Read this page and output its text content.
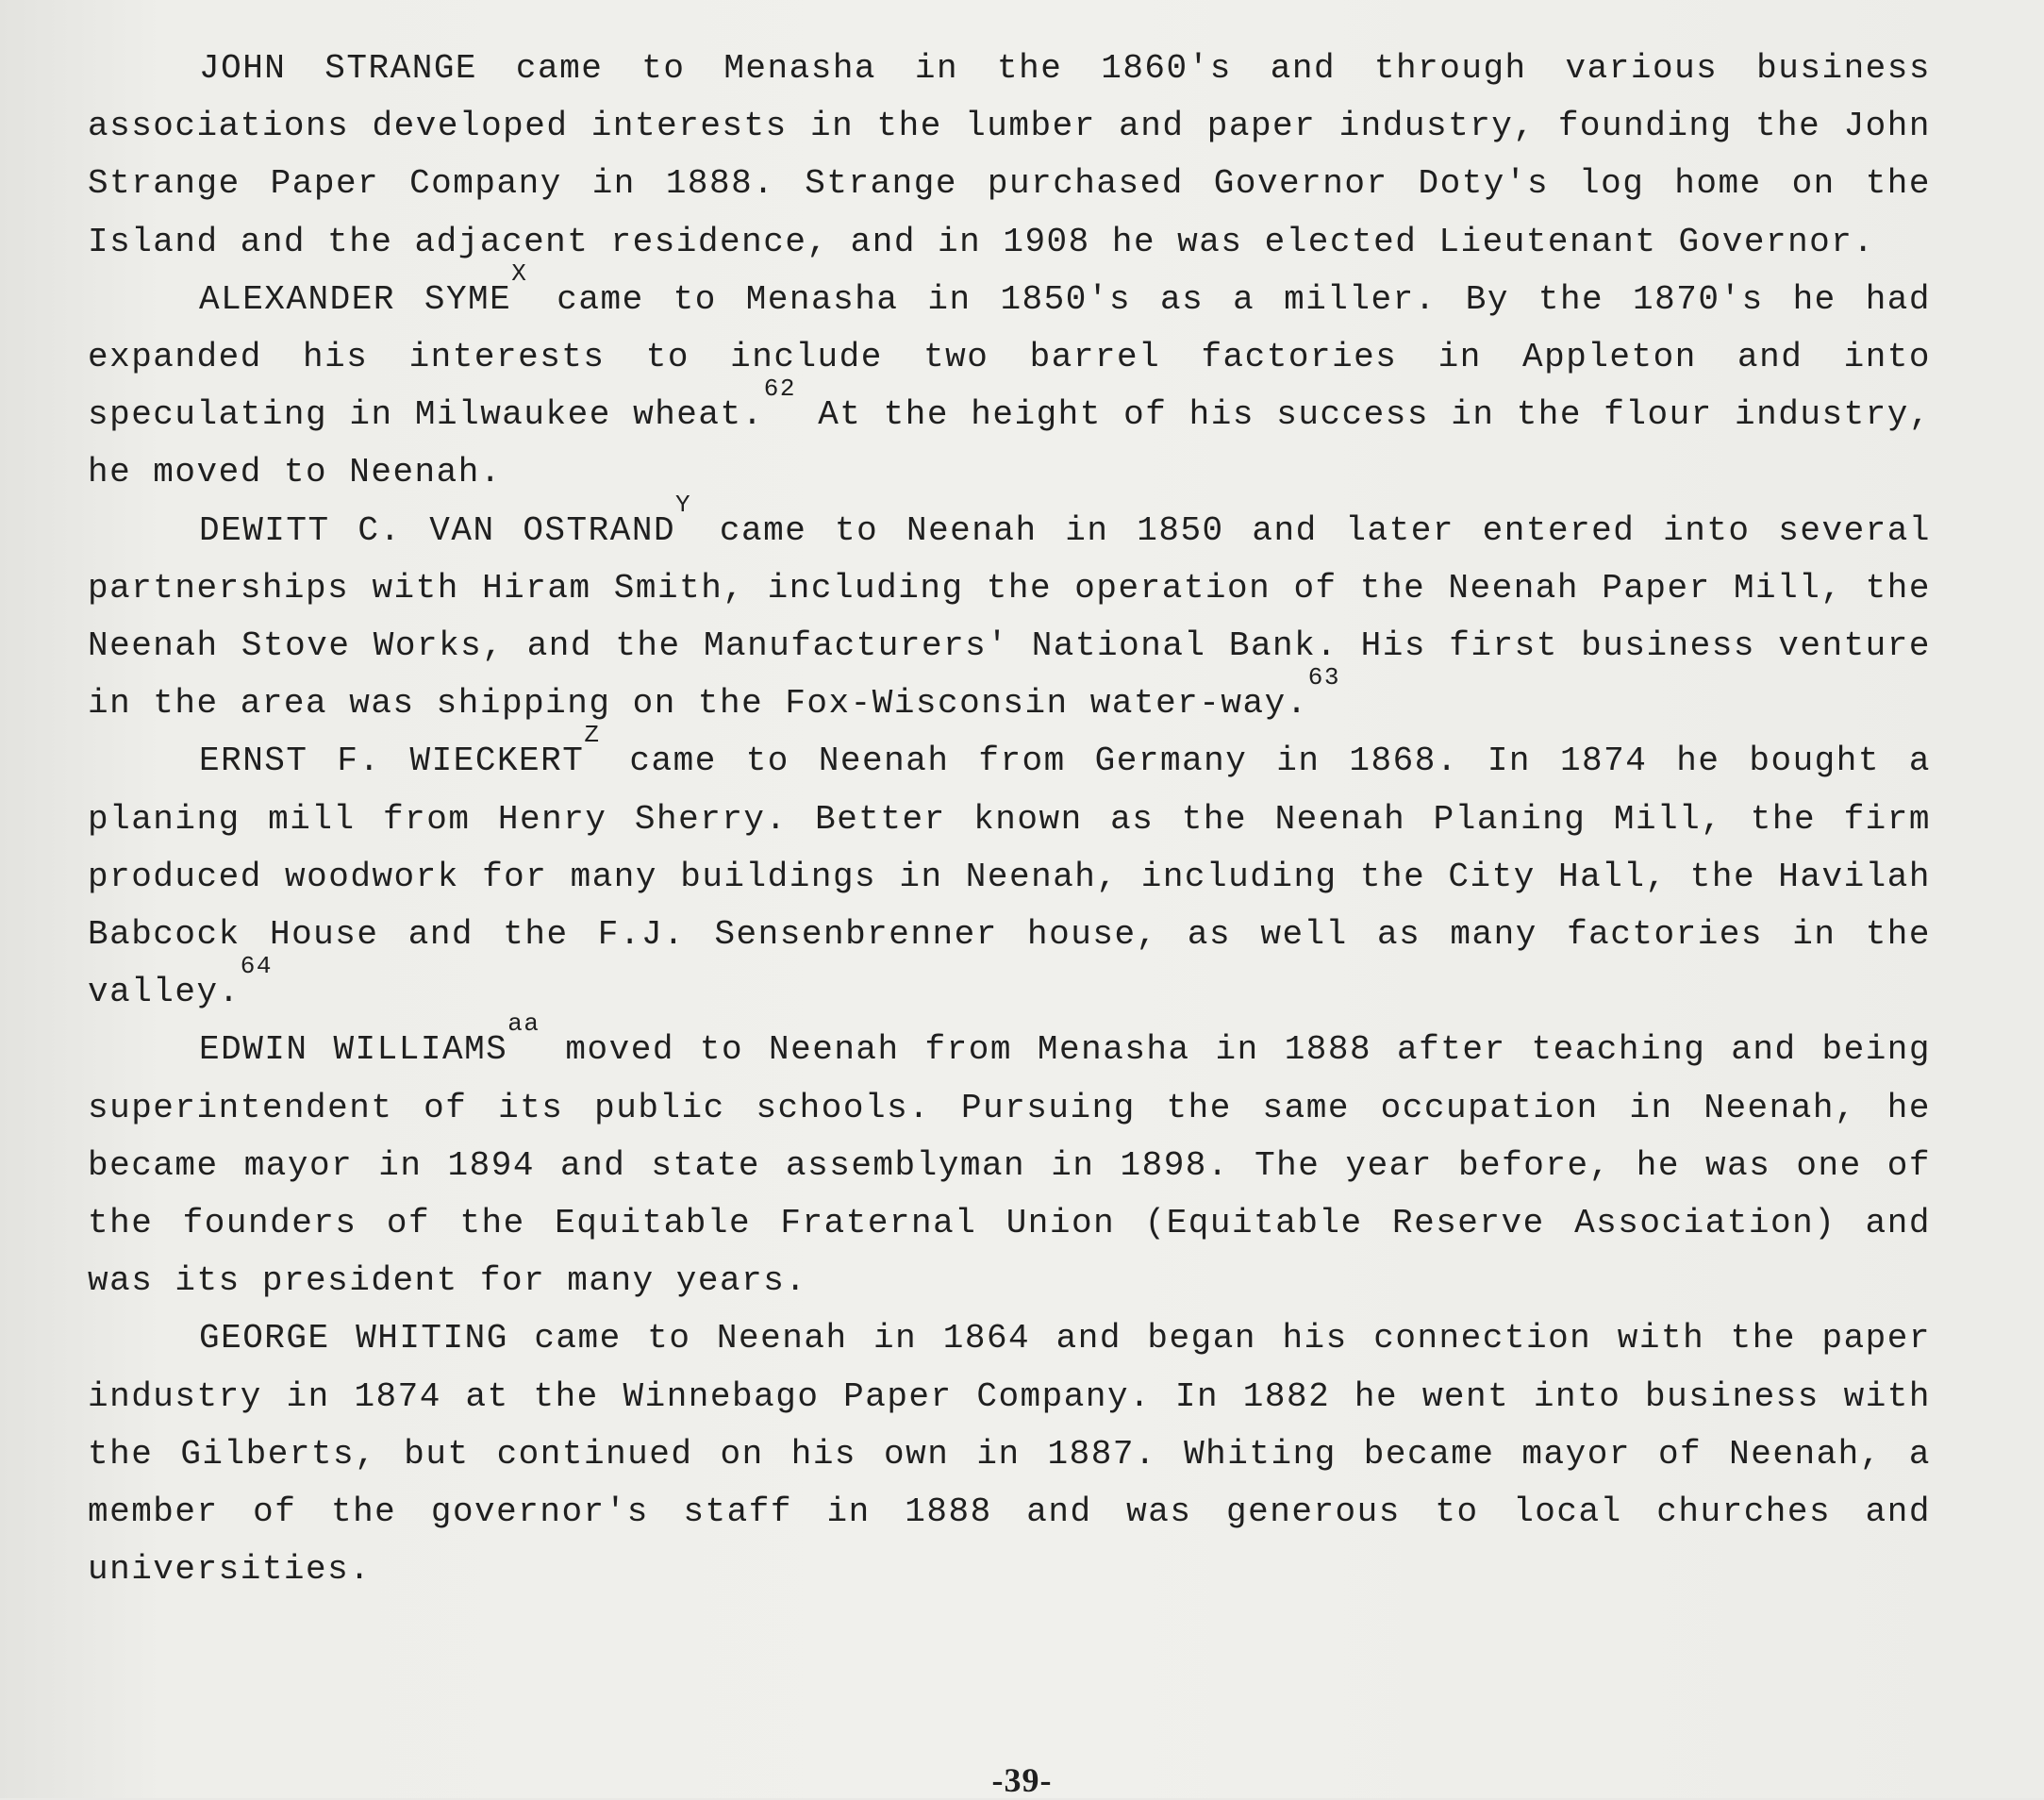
JOHN STRANGE came to Menasha in the 1860's and through various business associations developed interests in the lumber and paper industry, founding the John Strange Paper Company in 1888. Strange purchased Governor Doty's log home on the Island and the adjacent residence, and in 1908 he was elected Lieutenant Governor.

ALEXANDER $SYME^X$ came to Menasha in 1850's as a miller. By the 1870's he had expanded his interests to include two barrel factories in Appleton and into speculating in Milwaukee wheat.$^{62}$ At the height of his success in the flour industry, he moved to Neenah.

DEWITT C. VAN $OSTRAND^Y$ came to Neenah in 1850 and later entered into several partnerships with Hiram Smith, including the operation of the Neenah Paper Mill, the Neenah Stove Works, and the Manufacturers' National Bank. His first business venture in the area was shipping on the Fox-Wisconsin water-way.$^{63}$

ERNST F. $WIECKERT^Z$ came to Neenah from Germany in 1868. In 1874 he bought a planing mill from Henry Sherry. Better known as the Neenah Planing Mill, the firm produced woodwork for many buildings in Neenah, including the City Hall, the Havilah Babcock House and the F.J. Sensenbrenner house, as well as many factories in the valley.$^{64}$

EDWIN $WILLIAMS^{aa}$ moved to Neenah from Menasha in 1888 after teaching and being superintendent of its public schools. Pursuing the same occupation in Neenah, he became mayor in 1894 and state assemblyman in 1898. The year before, he was one of the founders of the Equitable Fraternal Union (Equitable Reserve Association) and was its president for many years.

GEORGE WHITING came to Neenah in 1864 and began his connection with the paper industry in 1874 at the Winnebago Paper Company. In 1882 he went into business with the Gilberts, but continued on his own in 1887. Whiting became mayor of Neenah, a member of the governor's staff in 1888 and was generous to local churches and universities.

-39-
